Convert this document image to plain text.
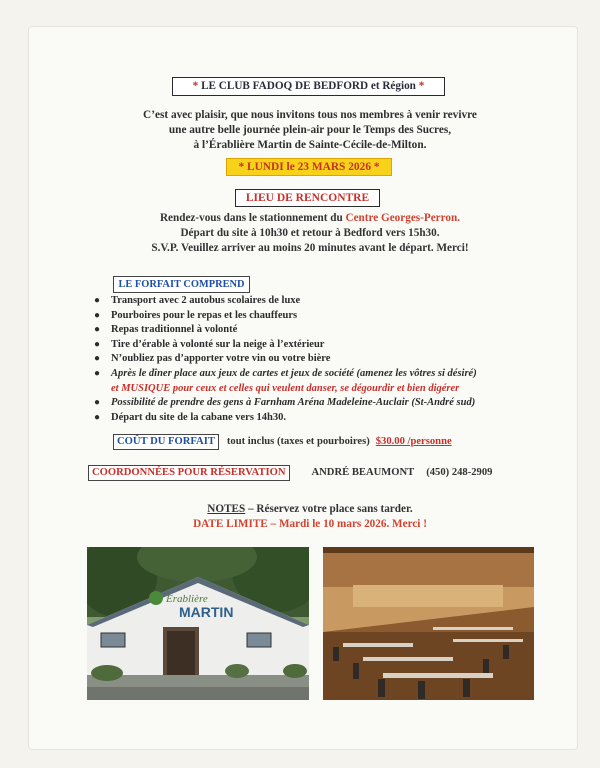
* LE CLUB FADOQ DE BEDFORD et Région *
C’est avec plaisir, que nous invitons tous nos membres à venir revivre
une autre belle journée plein-air pour le Temps des Sucres,
à l’Érablière Martin de Sainte-Cécile-de-Milton.
* LUNDI le 23 MARS 2026 *
LIEU DE RENCONTRE
Rendez-vous dans le stationnement du Centre Georges-Perron.
Départ du site à 10h30 et retour à Bedford vers 15h30.
S.V.P. Veuillez arriver au moins 20 minutes avant le départ. Merci!
LE FORFAIT COMPREND
● Transport avec 2 autobus scolaires de luxe
● Pourboires pour le repas et les chauffeurs
● Repas traditionnel à volonté
● Tire d’érable à volonté sur la neige à l’extérieur
● N’oubliez pas d’apporter votre vin ou votre bière
● Après le dîner place aux jeux de cartes et jeux de société (amenez les vôtres si désiré)
et MUSIQUE pour ceux et celles qui veulent danser, se dégourdir et bien digérer
● Possibilité de prendre des gens à Farnham Aréna Madeleine-Auclair (St-André sud)
● Départ du site de la cabane vers 14h30.
COÛT DU FORFAIT tout inclus (taxes et pourboires) $30.00 /personne
COORDONNÉES POUR RÉSERVATION ANDRÉ BEAUMONT (450) 248-2909
NOTES – Réservez votre place sans tarder.
DATE LIMITE – Mardi le 10 mars 2026. Merci !
Érablière
MARTIN
